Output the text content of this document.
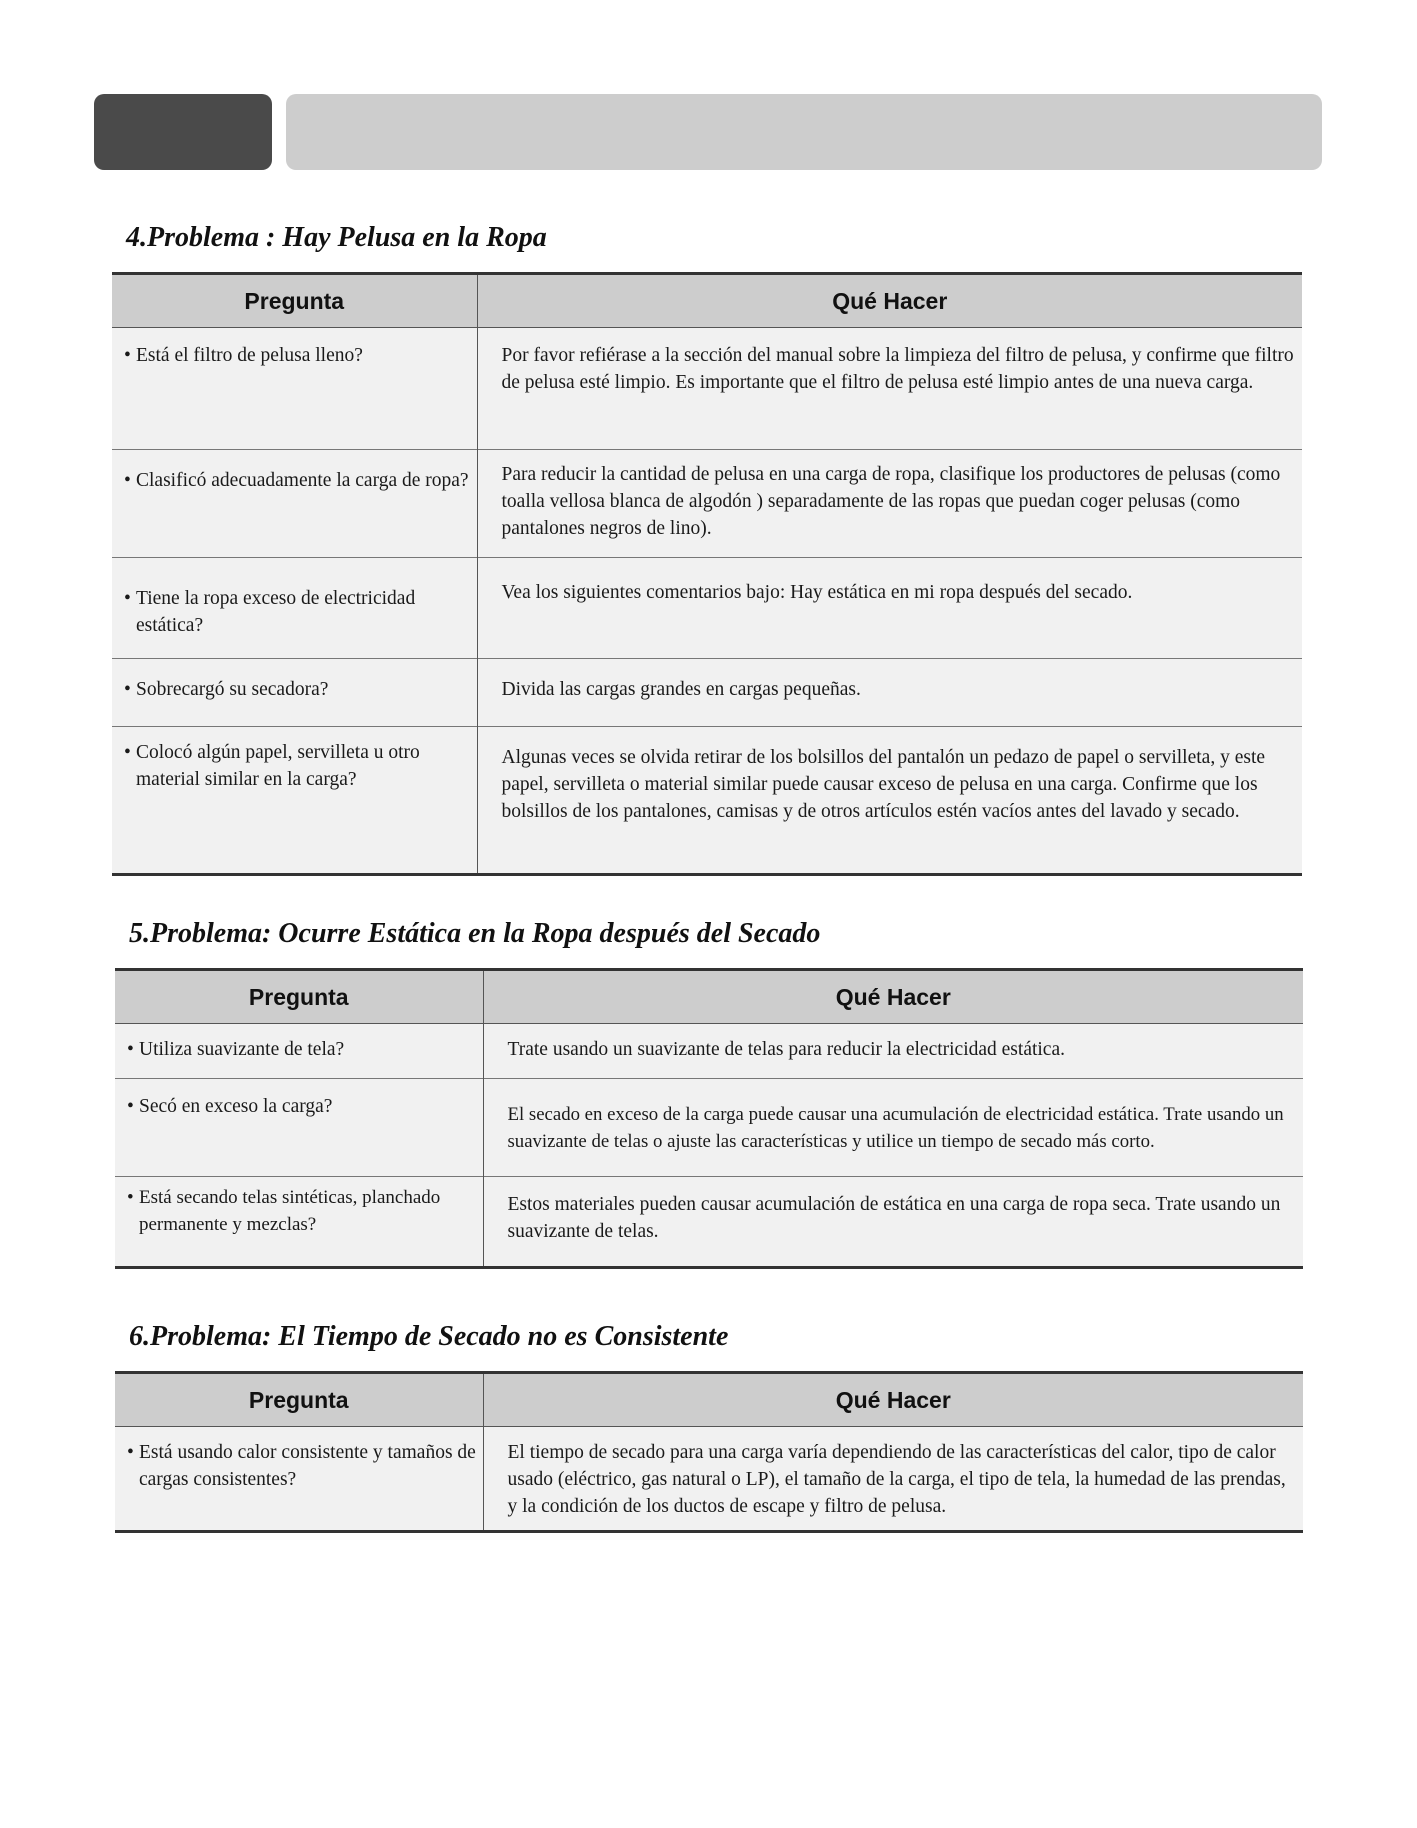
4.Problema : Hay Pelusa en la Ropa
Pregunta	Qué Hacer

• Está el filtro de pelusa lleno?	Por favor refiérase a la sección del manual sobre la limpieza del filtro de pelusa, y confirme que filtro de pelusa esté limpio. Es importante que el filtro de pelusa esté limpio antes de una nueva carga.

• Clasificó adecuadamente la carga de ropa?	Para reducir la cantidad de pelusa en una carga de ropa, clasifique los productores de pelusas (como toalla vellosa blanca de algodón ) separadamente de las ropas que puedan coger pelusas (como pantalones negros de lino).

• Tiene la ropa exceso de electricidad estática?	Vea los siguientes comentarios bajo: Hay estática en mi ropa después del secado.

• Sobrecargó su secadora?	Divida las cargas grandes en cargas pequeñas.

• Colocó algún papel, servilleta u otro material similar en la carga?	Algunas veces se olvida retirar de los bolsillos del pantalón un pedazo de papel o servilleta, y este papel, servilleta o material similar puede causar exceso de pelusa en una carga. Confirme que los bolsillos de los pantalones, camisas y de otros artículos estén vacíos antes del lavado y secado.
5.Problema: Ocurre Estática en la Ropa después del Secado
Pregunta	Qué Hacer

• Utiliza suavizante de tela?	Trate usando un suavizante de telas para reducir la electricidad estática.

• Secó en exceso la carga?	El secado en exceso de la carga puede causar una acumulación de electricidad estática. Trate usando un suavizante de telas o ajuste las características y utilice un tiempo de secado más corto.

• Está secando telas sintéticas, planchado permanente y mezclas?	Estos materiales pueden causar acumulación de estática en una carga de ropa seca. Trate usando un suavizante de telas.
6.Problema: El Tiempo de Secado no es Consistente
Pregunta	Qué Hacer

• Está usando calor consistente y tamaños de cargas consistentes?	El tiempo de secado para una carga varía dependiendo de las características del calor, tipo de calor usado (eléctrico, gas natural o LP), el tamaño de la carga, el tipo de tela, la humedad de las prendas, y la condición de los ductos de escape y filtro de pelusa.
